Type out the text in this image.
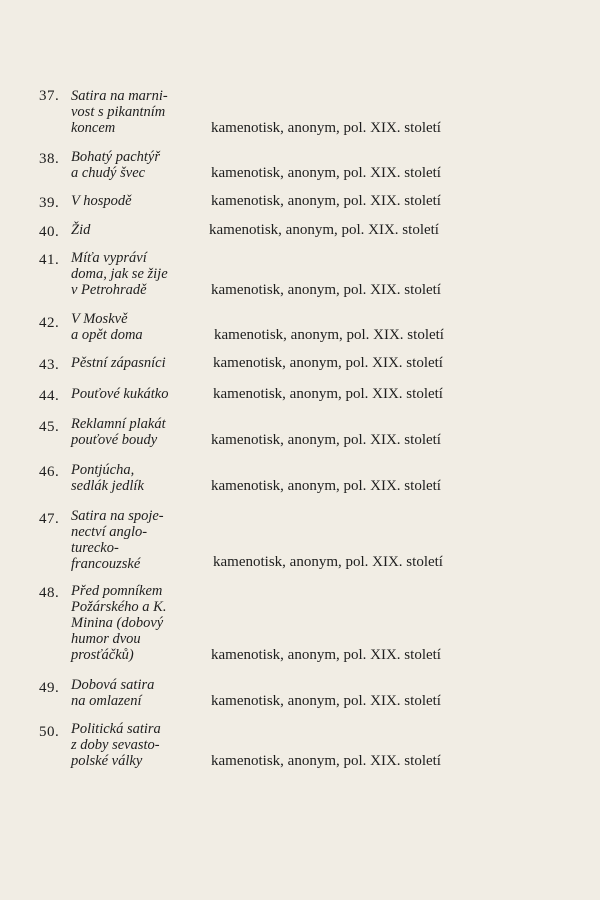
37. Satira na marni-
vost s pikantním
koncem	kamenotisk, anonym, pol. XIX. století
38. Bohatý pachtýř
a chudý švec	kamenotisk, anonym, pol. XIX. století
39. V hospodě	kamenotisk, anonym, pol. XIX. století
40. Žid	kamenotisk, anonym, pol. XIX. století
41. Míťa vypráví
doma, jak se žije
v Petrohradě	kamenotisk, anonym, pol. XIX. století
42. V Moskvě
a opět doma	kamenotisk, anonym, pol. XIX. století
43. Pěstní zápasníci	kamenotisk, anonym, pol. XIX. století
44. Pouťové kukátko	kamenotisk, anonym, pol. XIX. století
45. Reklamní plakát
pouťové boudy	kamenotisk, anonym, pol. XIX. století
46. Pontjúcha,
sedlák jedlík	kamenotisk, anonym, pol. XIX. století
47. Satira na spoje-
nectví anglo-
turecko-
francouzské	kamenotisk, anonym, pol. XIX. století
48. Před pomníkem
Požárského a K.
Minina (dobový
humor dvou
prosťáčků)	kamenotisk, anonym, pol. XIX. století
49. Dobová satira
na omlazení	kamenotisk, anonym, pol. XIX. století
50. Politická satira
z doby sevasto-
polské války	kamenotisk, anonym, pol. XIX. století
